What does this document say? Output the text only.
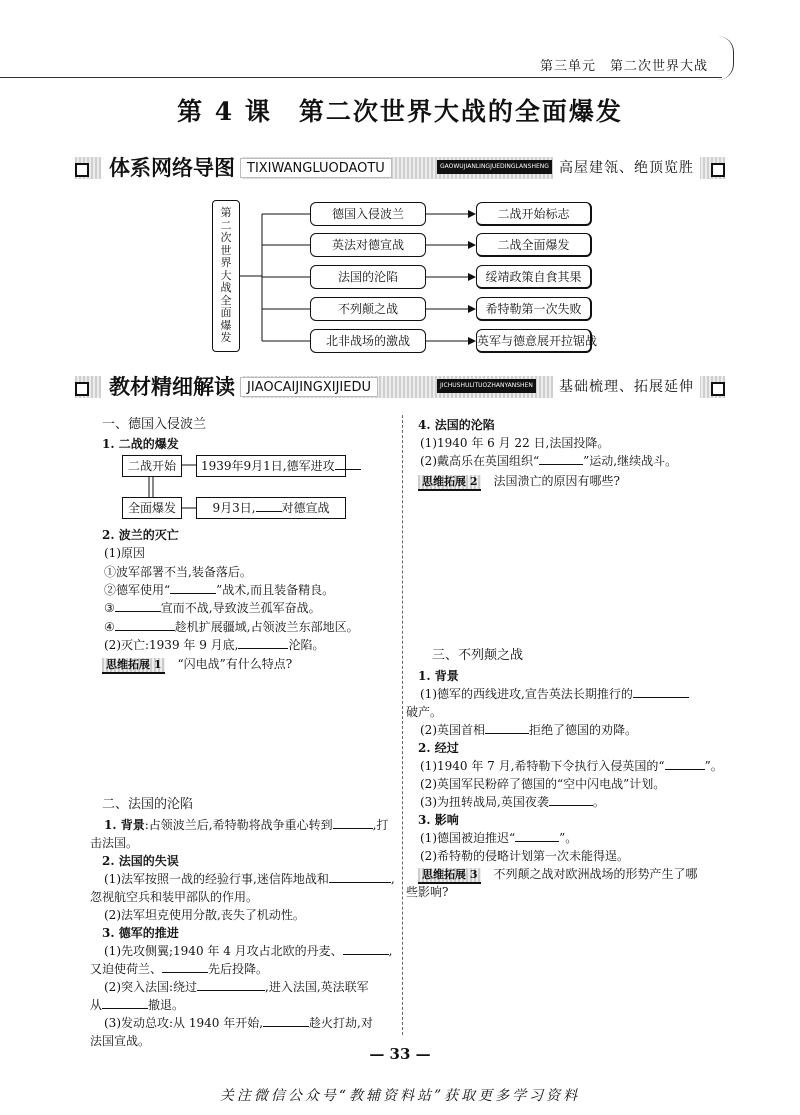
第三单元　第二次世界大战
第 4 课　第二次世界大战的全面爆发
体系网络导图 TIXIWANGLUODAOTU	GAOWUJIANLINGJUEDINGLANSHENG 高屋建瓴、绝顶览胜
第
二
次
世
界
大
战
全
面
爆
发
德国入侵波兰
英法对德宣战
法国的沦陷
不列颠之战
北非战场的激战
二战开始标志
二战全面爆发
绥靖政策自食其果
希特勒第一次失败
英军与德意展开拉锯战
教材精细解读 JIAOCAIJINGXIJIEDU	JICHUSHULITUOZHANYANSHEN	基础梳理、拓展延伸
一、德国入侵波兰
1. 二战的爆发
二战开始	1939年9月1日,德军进攻
全面爆发	9月3日, 对德宣战
2. 波兰的灭亡
(1)原因
①波军部署不当,装备落后。
②德军使用“	”战术,而且装备精良。
③	宣而不战,导致波兰孤军奋战。
④	趁机扩展疆域,占领波兰东部地区。
(2)灭亡:1939 年 9 月底,	沦陷。
思维拓展 1　 “闪电战”有什么特点?
二、法国的沦陷
1. 背景:占领波兰后,希特勒将战争重心转到	,打
击法国。
2. 法国的失误
(1)法军按照一战的经验行事,迷信阵地战和	,
忽视航空兵和装甲部队的作用。
(2)法军坦克使用分散,丧失了机动性。
3. 德军的推进
(1)先攻侧翼;1940 年 4 月攻占北欧的丹麦、	,
又迫使荷兰、	先后投降。
(2)突入法国:绕过	,进入法国,英法联军
从	撤退。
(3)发动总攻:从 1940 年开始,	趁火打劫,对
法国宣战。
4. 法国的沦陷
(1)1940 年 6 月 22 日,法国投降。
(2)戴高乐在英国组织“	”运动,继续战斗。
思维拓展 2　 法国溃亡的原因有哪些?
三、不列颠之战
1. 背景
(1)德军的西线进攻,宣告英法长期推行的
破产。
(2)英国首相	拒绝了德国的劝降。
2. 经过
(1)1940 年 7 月,希特勒下令执行入侵英国的“	”。
(2)英国军民粉碎了德国的“空中闪电战”计划。
(3)为扭转战局,英国夜袭	。
3. 影响
(1)德国被迫推迟“	”。
(2)希特勒的侵略计划第一次未能得逞。
思维拓展 3　 不列颠之战对欧洲战场的形势产生了哪
些影响?
— 33 —
关注微信公众号“教辅资料站”获取更多学习资料
